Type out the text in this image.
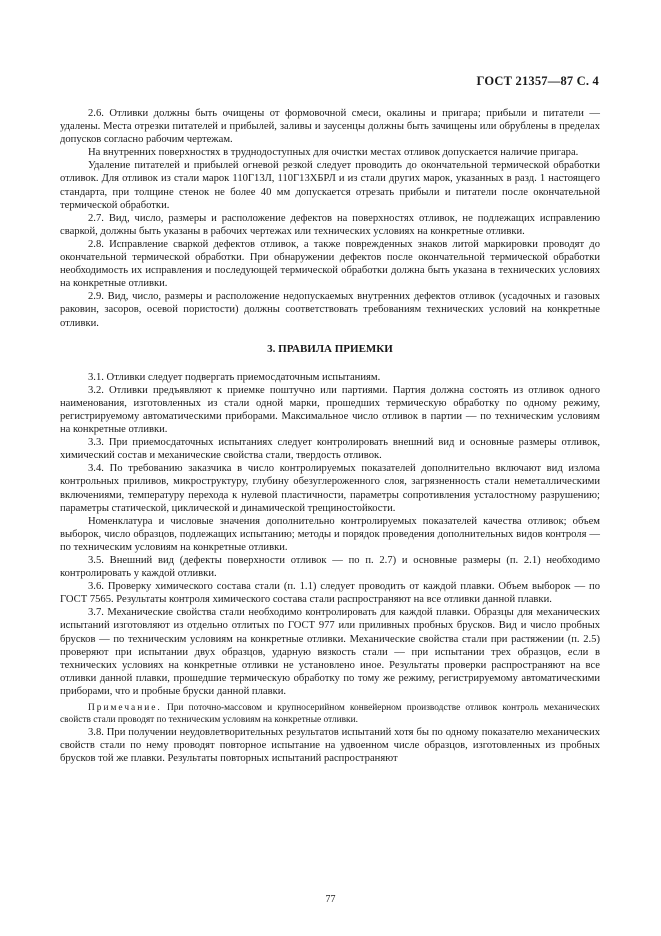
ГОСТ 21357—87 С. 4

2.6. Отливки должны быть очищены от формовочной смеси, окалины и пригара; прибыли и питатели — удалены. Места отрезки питателей и прибылей, заливы и заусенцы должны быть зачищены или обрублены в пределах допусков согласно рабочим чертежам.

На внутренних поверхностях в труднодоступных для очистки местах отливок допускается наличие пригара.

Удаление питателей и прибылей огневой резкой следует проводить до окончательной термической обработки отливок. Для отливок из стали марок 110Г13Л, 110Г13ХБРЛ и из стали других марок, указанных в разд. 1 настоящего стандарта, при толщине стенок не более 40 мм допускается отрезать прибыли и питатели после окончательной термической обработки.

2.7. Вид, число, размеры и расположение дефектов на поверхностях отливок, не подлежащих исправлению сваркой, должны быть указаны в рабочих чертежах или технических условиях на конкретные отливки.

2.8. Исправление сваркой дефектов отливок, а также поврежденных знаков литой маркировки проводят до окончательной термической обработки. При обнаружении дефектов после окончательной термической обработки необходимость их исправления и последующей термической обработки должна быть указана в технических условиях на конкретные отливки.

2.9. Вид, число, размеры и расположение недопускаемых внутренних дефектов отливок (усадочных и газовых раковин, засоров, осевой пористости) должны соответствовать требованиям технических условий на конкретные отливки.

3. ПРАВИЛА ПРИЕМКИ

3.1. Отливки следует подвергать приемосдаточным испытаниям.

3.2. Отливки предъявляют к приемке поштучно или партиями. Партия должна состоять из отливок одного наименования, изготовленных из стали одной марки, прошедших термическую обработку по одному режиму, регистрируемому автоматическими приборами. Максимальное число отливок в партии — по техническим условиям на конкретные отливки.

3.3. При приемосдаточных испытаниях следует контролировать внешний вид и основные размеры отливок, химический состав и механические свойства стали, твердость отливок.

3.4. По требованию заказчика в число контролируемых показателей дополнительно включают вид излома контрольных приливов, микроструктуру, глубину обезуглероженного слоя, загрязненность стали неметаллическими включениями, температуру перехода к нулевой пластичности, параметры сопротивления усталостному разрушению; параметры статической, циклической и динамической трещиностойкости.

Номенклатура и числовые значения дополнительно контролируемых показателей качества отливок; объем выборок, число образцов, подлежащих испытанию; методы и порядок проведения дополнительных видов контроля — по техническим условиям на конкретные отливки.

3.5. Внешний вид (дефекты поверхности отливок — по п. 2.7) и основные размеры (п. 2.1) необходимо контролировать у каждой отливки.

3.6. Проверку химического состава стали (п. 1.1) следует проводить от каждой плавки. Объем выборок — по ГОСТ 7565. Результаты контроля химического состава стали распространяют на все отливки данной плавки.

3.7. Механические свойства стали необходимо контролировать для каждой плавки. Образцы для механических испытаний изготовляют из отдельно отлитых по ГОСТ 977 или приливных пробных брусков. Вид и число пробных брусков — по техническим условиям на конкретные отливки. Механические свойства стали при растяжении (п. 2.5) проверяют при испытании двух образцов, ударную вязкость стали — при испытании трех образцов, если в технических условиях на конкретные отливки не установлено иное. Результаты проверки распространяют на все отливки данной плавки, прошедшие термическую обработку по тому же режиму, регистрируемому автоматическими приборами, что и пробные бруски данной плавки.

Примечание. При поточно-массовом и крупносерийном конвейерном производстве отливок контроль механических свойств стали проводят по техническим условиям на конкретные отливки.

3.8. При получении неудовлетворительных результатов испытаний хотя бы по одному показателю механических свойств стали по нему проводят повторное испытание на удвоенном числе образцов, изготовленных из пробных брусков той же плавки. Результаты повторных испытаний распространяют

77
